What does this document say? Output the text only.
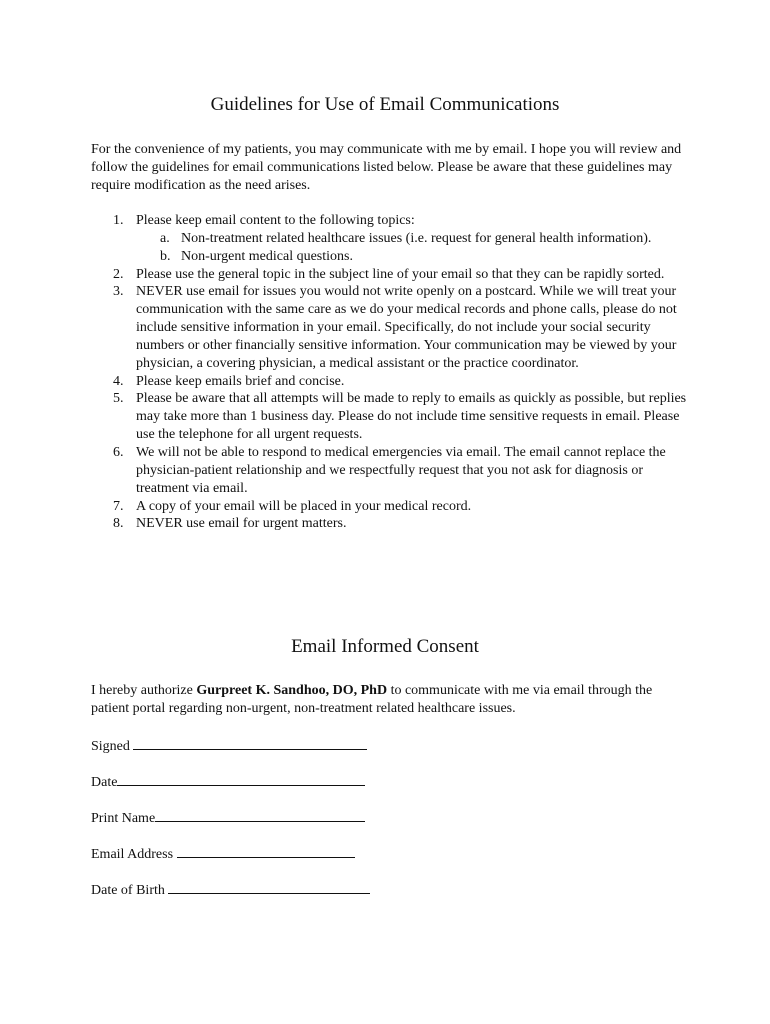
Guidelines for Use of Email Communications

For the convenience of my patients, you may communicate with me by email. I hope you will review and follow the guidelines for email communications listed below. Please be aware that these guidelines may require modification as the need arises.

1. Please keep email content to the following topics:
a. Non-treatment related healthcare issues (i.e. request for general health information).
b. Non-urgent medical questions.
2. Please use the general topic in the subject line of your email so that they can be rapidly sorted.
3. NEVER use email for issues you would not write openly on a postcard. While we will treat your communication with the same care as we do your medical records and phone calls, please do not include sensitive information in your email. Specifically, do not include your social security numbers or other financially sensitive information. Your communication may be viewed by your physician, a covering physician, a medical assistant or the practice coordinator.
4. Please keep emails brief and concise.
5. Please be aware that all attempts will be made to reply to emails as quickly as possible, but replies may take more than 1 business day. Please do not include time sensitive requests in email. Please use the telephone for all urgent requests.
6. We will not be able to respond to medical emergencies via email. The email cannot replace the physician-patient relationship and we respectfully request that you not ask for diagnosis or treatment via email.
7. A copy of your email will be placed in your medical record.
8. NEVER use email for urgent matters.
Email Informed Consent

I hereby authorize Gurpreet K. Sandhoo, DO, PhD to communicate with me via email through the patient portal regarding non-urgent, non-treatment related healthcare issues.

Signed
Date
Print Name
Email Address
Date of Birth
